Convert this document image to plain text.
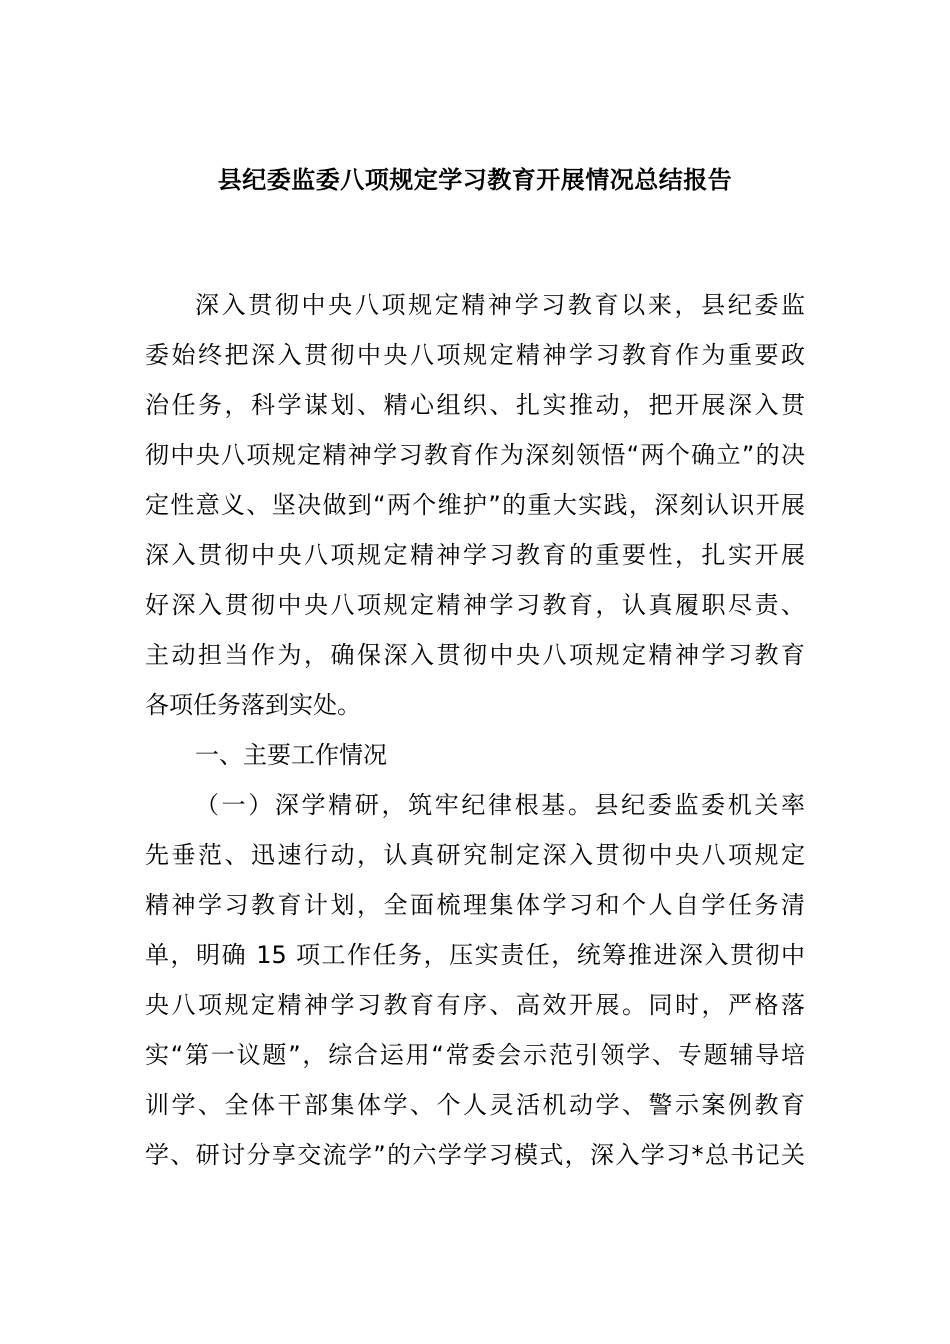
县纪委监委八项规定学习教育开展情况总结报告
深入贯彻中央八项规定精神学习教育以来，县纪委监
委始终把深入贯彻中央八项规定精神学习教育作为重要政
治任务，科学谋划、精心组织、扎实推动，把开展深入贯
彻中央八项规定精神学习教育作为深刻领悟“两个确立”的决
定性意义、坚决做到“两个维护”的重大实践，深刻认识开展
深入贯彻中央八项规定精神学习教育的重要性，扎实开展
好深入贯彻中央八项规定精神学习教育，认真履职尽责、
主动担当作为，确保深入贯彻中央八项规定精神学习教育
各项任务落到实处。
一、主要工作情况
（一）深学精研，筑牢纪律根基。县纪委监委机关率
先垂范、迅速行动，认真研究制定深入贯彻中央八项规定
精神学习教育计划，全面梳理集体学习和个人自学任务清
单，明确 15 项工作任务，压实责任，统筹推进深入贯彻中
央八项规定精神学习教育有序、高效开展。同时，严格落
实“第一议题”，综合运用“常委会示范引领学、专题辅导培
训学、全体干部集体学、个人灵活机动学、警示案例教育
学、研讨分享交流学”的六学学习模式，深入学习*总书记关
